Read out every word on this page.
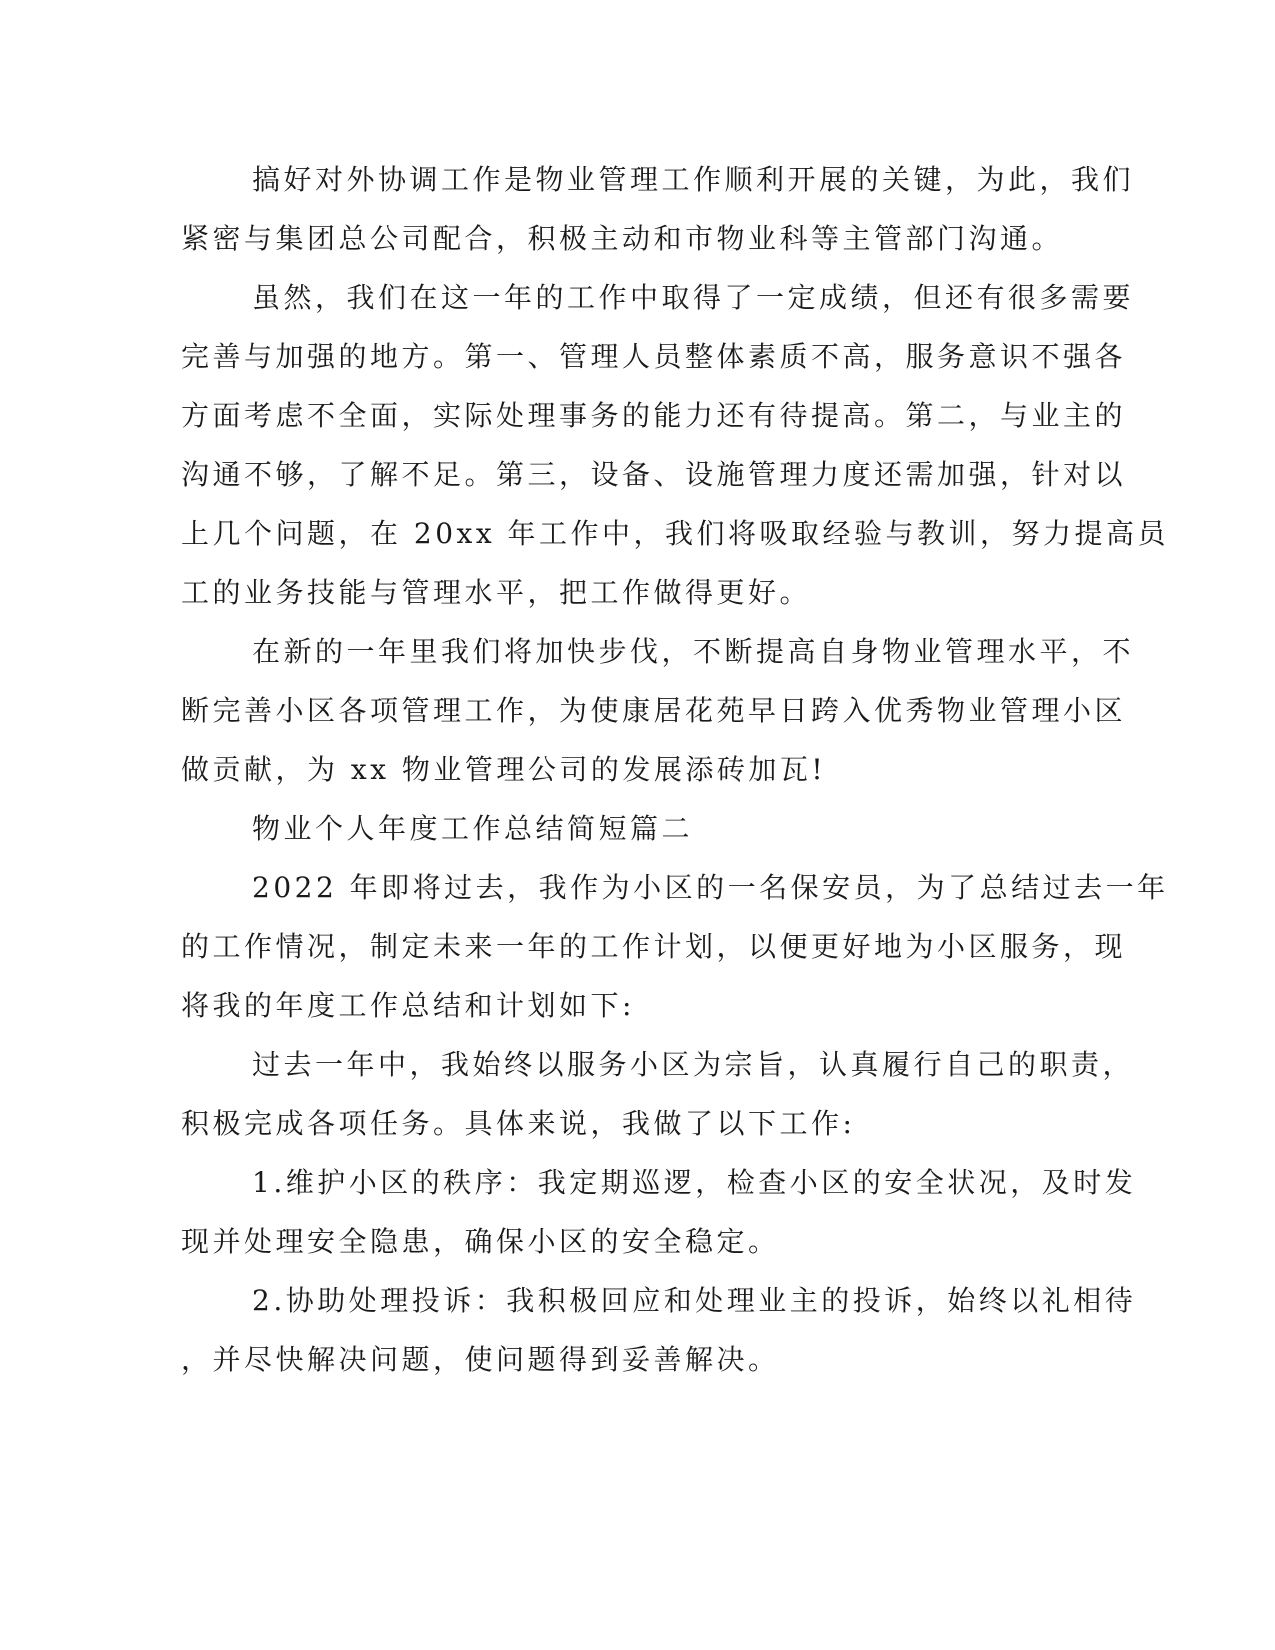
搞好对外协调工作是物业管理工作顺利开展的关键，为此，我们
紧密与集团总公司配合，积极主动和市物业科等主管部门沟通。
虽然，我们在这一年的工作中取得了一定成绩，但还有很多需要
完善与加强的地方。第一、管理人员整体素质不高，服务意识不强各
方面考虑不全面，实际处理事务的能力还有待提高。第二，与业主的
沟通不够，了解不足。第三，设备、设施管理力度还需加强，针对以
上几个问题，在 20xx 年工作中，我们将吸取经验与教训，努力提高员
工的业务技能与管理水平，把工作做得更好。
在新的一年里我们将加快步伐，不断提高自身物业管理水平，不
断完善小区各项管理工作，为使康居花苑早日跨入优秀物业管理小区
做贡献，为 xx 物业管理公司的发展添砖加瓦!
物业个人年度工作总结简短篇二
2022 年即将过去，我作为小区的一名保安员，为了总结过去一年
的工作情况，制定未来一年的工作计划，以便更好地为小区服务，现
将我的年度工作总结和计划如下:
过去一年中，我始终以服务小区为宗旨，认真履行自己的职责，
积极完成各项任务。具体来说，我做了以下工作:
1.维护小区的秩序：我定期巡逻，检查小区的安全状况，及时发
现并处理安全隐患，确保小区的安全稳定。
2.协助处理投诉：我积极回应和处理业主的投诉，始终以礼相待
，并尽快解决问题，使问题得到妥善解决。
